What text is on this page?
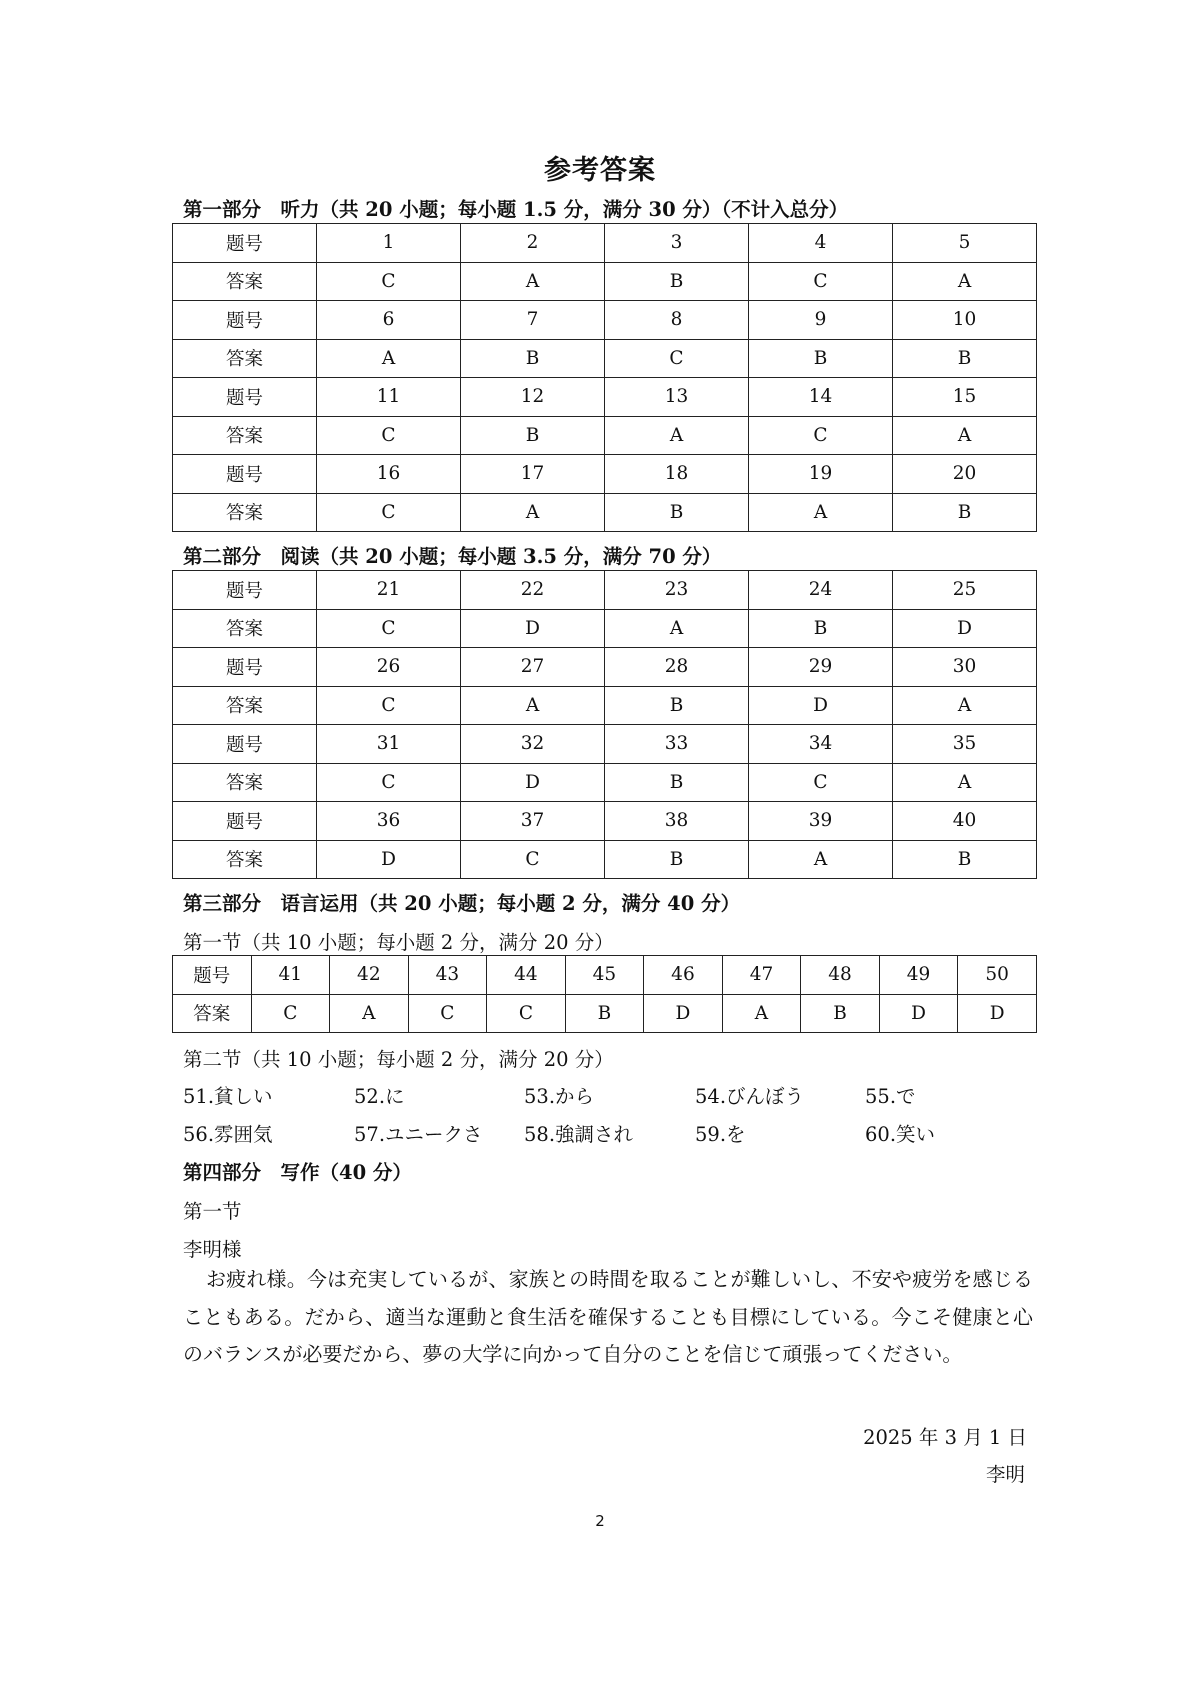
参考答案
第一部分　听力（共 20 小题；每小题 1.5 分，满分 30 分）（不计入总分）
题号	1	2	3	4	5
答案	C	A	B	C	A
题号	6	7	8	9	10
答案	A	B	C	B	B
题号	11	12	13	14	15
答案	C	B	A	C	A
题号	16	17	18	19	20
答案	C	A	B	A	B
第二部分　阅读（共 20 小题；每小题 3.5 分，满分 70 分）
题号	21	22	23	24	25
答案	C	D	A	B	D
题号	26	27	28	29	30
答案	C	A	B	D	A
题号	31	32	33	34	35
答案	C	D	B	C	A
题号	36	37	38	39	40
答案	D	C	B	A	B
第三部分　语言运用（共 20 小题；每小题 2 分，满分 40 分）
第一节（共 10 小题；每小题 2 分，满分 20 分）
题号	41	42	43	44	45	46	47	48	49	50
答案	C	A	C	C	B	D	A	B	D	D
第二节（共 10 小题；每小题 2 分，满分 20 分）
51.貧しい	52.に	53.から	54.びんぼう	55.で
56.雰囲気	57.ユニークさ 58.強調され	59.を	60.笑い
第四部分　写作（40 分）
第一节
李明様

お疲れ様。今は充実しているが、家族との時間を取ることが難しいし、不安や疲労を感じることもある。だから、適当な運動と食生活を確保することも目標にしている。今こそ健康と心のバランスが必要だから、夢の大学に向かって自分のことを信じて頑張ってください。

2025 年 3 月 1 日
李明
2
